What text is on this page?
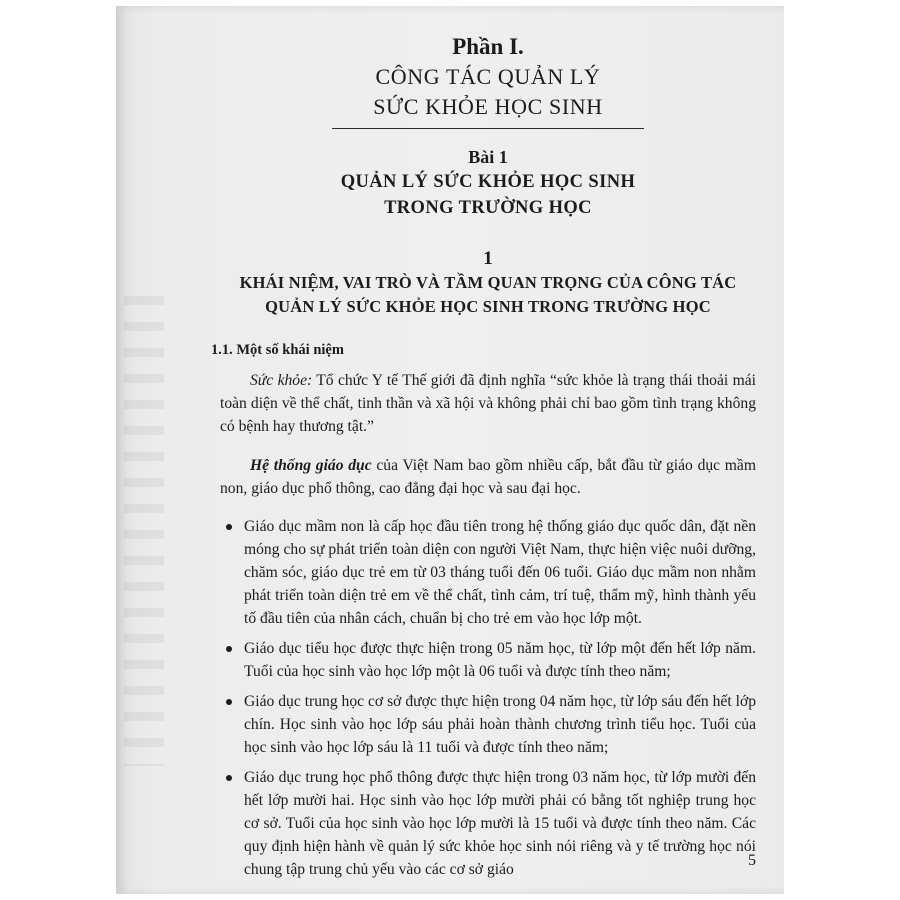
Phần I.
CÔNG TÁC QUẢN LÝ
SỨC KHỎE HỌC SINH
Bài 1
QUẢN LÝ SỨC KHỎE HỌC SINH
TRONG TRƯỜNG HỌC
1
KHÁI NIỆM, VAI TRÒ VÀ TẦM QUAN TRỌNG CỦA CÔNG TÁC
QUẢN LÝ SỨC KHỎE HỌC SINH TRONG TRƯỜNG HỌC
1.1. Một số khái niệm

Sức khỏe: Tổ chức Y tế Thế giới đã định nghĩa “sức khỏe là trạng thái thoải mái toàn diện về thể chất, tinh thần và xã hội và không phải chỉ bao gồm tình trạng không có bệnh hay thương tật.”

Hệ thống giáo dục của Việt Nam bao gồm nhiều cấp, bắt đầu từ giáo dục mầm non, giáo dục phổ thông, cao đẳng đại học và sau đại học.

Giáo dục mầm non là cấp học đầu tiên trong hệ thống giáo dục quốc dân, đặt nền móng cho sự phát triển toàn diện con người Việt Nam, thực hiện việc nuôi dưỡng, chăm sóc, giáo dục trẻ em từ 03 tháng tuổi đến 06 tuổi. Giáo dục mầm non nhằm phát triển toàn diện trẻ em về thể chất, tình cảm, trí tuệ, thẩm mỹ, hình thành yếu tố đầu tiên của nhân cách, chuẩn bị cho trẻ em vào học lớp một.
Giáo dục tiểu học được thực hiện trong 05 năm học, từ lớp một đến hết lớp năm. Tuổi của học sinh vào học lớp một là 06 tuổi và được tính theo năm;
Giáo dục trung học cơ sở được thực hiện trong 04 năm học, từ lớp sáu đến hết lớp chín. Học sinh vào học lớp sáu phải hoàn thành chương trình tiểu học. Tuổi của học sinh vào học lớp sáu là 11 tuổi và được tính theo năm;
Giáo dục trung học phổ thông được thực hiện trong 03 năm học, từ lớp mười đến hết lớp mười hai. Học sinh vào học lớp mười phải có bằng tốt nghiệp trung học cơ sở. Tuổi của học sinh vào học lớp mười là 15 tuổi và được tính theo năm. Các quy định hiện hành về quản lý sức khỏe học sinh nói riêng và y tế trường học nói chung tập trung chủ yếu vào các cơ sở giáo
5
